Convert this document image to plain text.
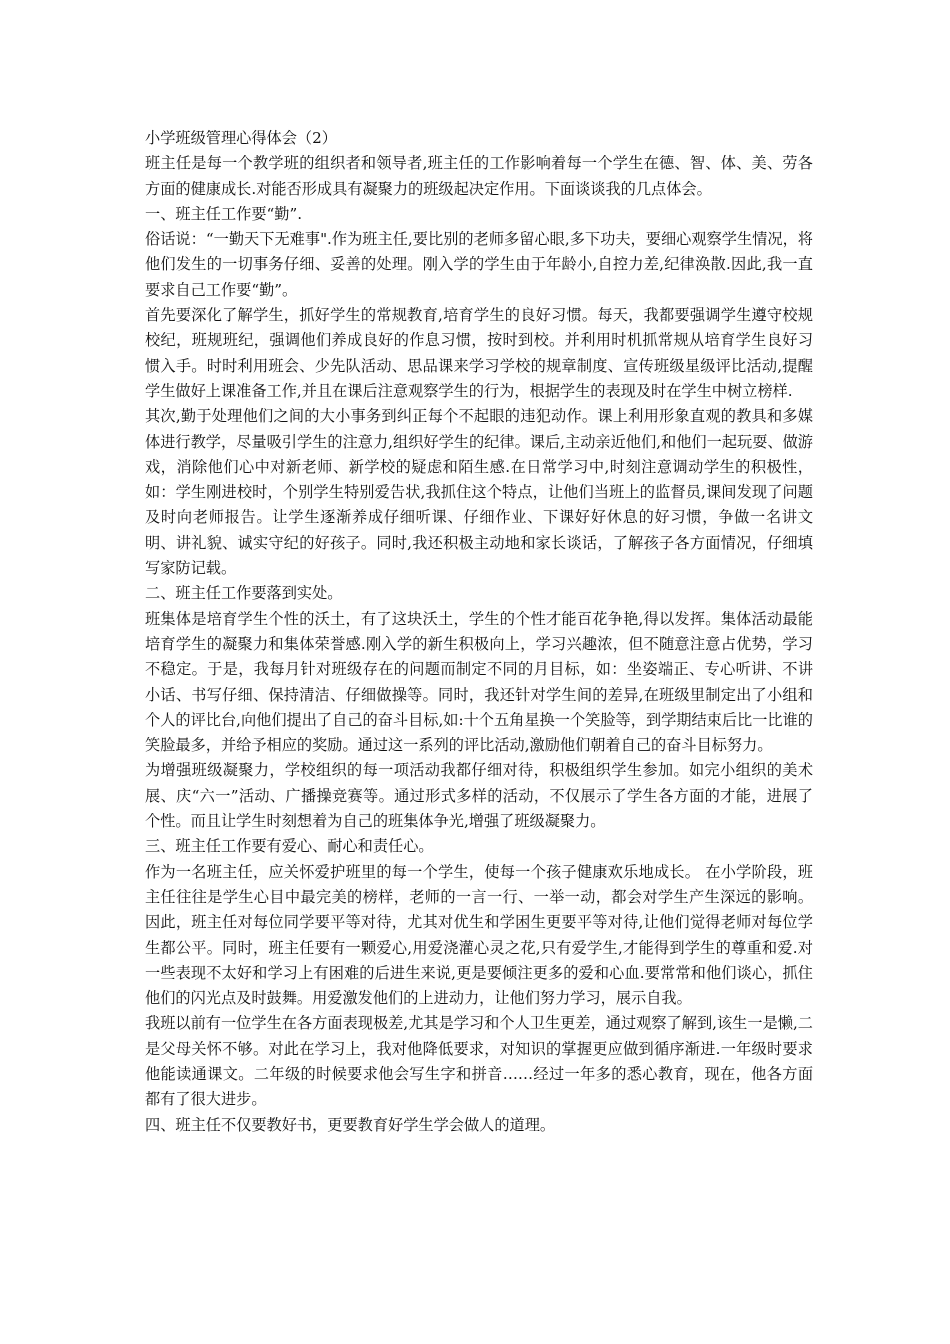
小学班级管理心得体会（2）

班主任是每一个教学班的组织者和领导者,班主任的工作影响着每一个学生在德、智、体、美、劳各方面的健康成长.对能否形成具有凝聚力的班级起决定作用。下面谈谈我的几点体会。

一、班主任工作要“勤”.

俗话说：“一勤天下无难事".作为班主任,要比别的老师多留心眼,多下功夫，要细心观察学生情况，将他们发生的一切事务仔细、妥善的处理。刚入学的学生由于年龄小,自控力差,纪律涣散.因此,我一直要求自己工作要“勤”。

首先要深化了解学生，抓好学生的常规教育,培育学生的良好习惯。每天，我都要强调学生遵守校规校纪，班规班纪，强调他们养成良好的作息习惯，按时到校。并利用时机抓常规从培育学生良好习惯入手。时时利用班会、少先队活动、思品课来学习学校的规章制度、宣传班级星级评比活动,提醒学生做好上课准备工作,并且在课后注意观察学生的行为，根据学生的表现及时在学生中树立榜样.

其次,勤于处理他们之间的大小事务到纠正每个不起眼的违犯动作。课上利用形象直观的教具和多媒体进行教学，尽量吸引学生的注意力,组织好学生的纪律。课后,主动亲近他们,和他们一起玩耍、做游戏，消除他们心中对新老师、新学校的疑虑和陌生感.在日常学习中,时刻注意调动学生的积极性，如：学生刚进校时，个别学生特别爱告状,我抓住这个特点，让他们当班上的监督员,课间发现了问题及时向老师报告。让学生逐渐养成仔细听课、仔细作业、下课好好休息的好习惯，争做一名讲文明、讲礼貌、诚实守纪的好孩子。同时,我还积极主动地和家长谈话，了解孩子各方面情况，仔细填写家防记载。

二、班主任工作要落到实处。

班集体是培育学生个性的沃土，有了这块沃土，学生的个性才能百花争艳,得以发挥。集体活动最能培育学生的凝聚力和集体荣誉感.刚入学的新生积极向上，学习兴趣浓，但不随意注意占优势，学习不稳定。于是，我每月针对班级存在的问题而制定不同的月目标，如：坐姿端正、专心听讲、不讲小话、书写仔细、保持清洁、仔细做操等。同时，我还针对学生间的差异,在班级里制定出了小组和个人的评比台,向他们提出了自己的奋斗目标,如:十个五角星换一个笑脸等，到学期结束后比一比谁的笑脸最多，并给予相应的奖励。通过这一系列的评比活动,激励他们朝着自己的奋斗目标努力。

为增强班级凝聚力，学校组织的每一项活动我都仔细对待，积极组织学生参加。如完小组织的美术展、庆“六一”活动、广播操竞赛等。通过形式多样的活动，不仅展示了学生各方面的才能，进展了个性。而且让学生时刻想着为自己的班集体争光,增强了班级凝聚力。

三、班主任工作要有爱心、耐心和责任心。

作为一名班主任，应关怀爱护班里的每一个学生，使每一个孩子健康欢乐地成长。 在小学阶段，班主任往往是学生心目中最完美的榜样，老师的一言一行、一举一动，都会对学生产生深远的影响。因此，班主任对每位同学要平等对待，尤其对优生和学困生更要平等对待,让他们觉得老师对每位学生都公平。同时，班主任要有一颗爱心,用爱浇灌心灵之花,只有爱学生,才能得到学生的尊重和爱.对一些表现不太好和学习上有困难的后进生来说,更是要倾注更多的爱和心血.要常常和他们谈心，抓住他们的闪光点及时鼓舞。用爱激发他们的上进动力，让他们努力学习，展示自我。

我班以前有一位学生在各方面表现极差,尤其是学习和个人卫生更差，通过观察了解到,该生一是懒,二是父母关怀不够。对此在学习上，我对他降低要求，对知识的掌握更应做到循序渐进.一年级时要求他能读通课文。二年级的时候要求他会写生字和拼音……经过一年多的悉心教育，现在，他各方面都有了很大进步。

四、班主任不仅要教好书，更要教育好学生学会做人的道理。
